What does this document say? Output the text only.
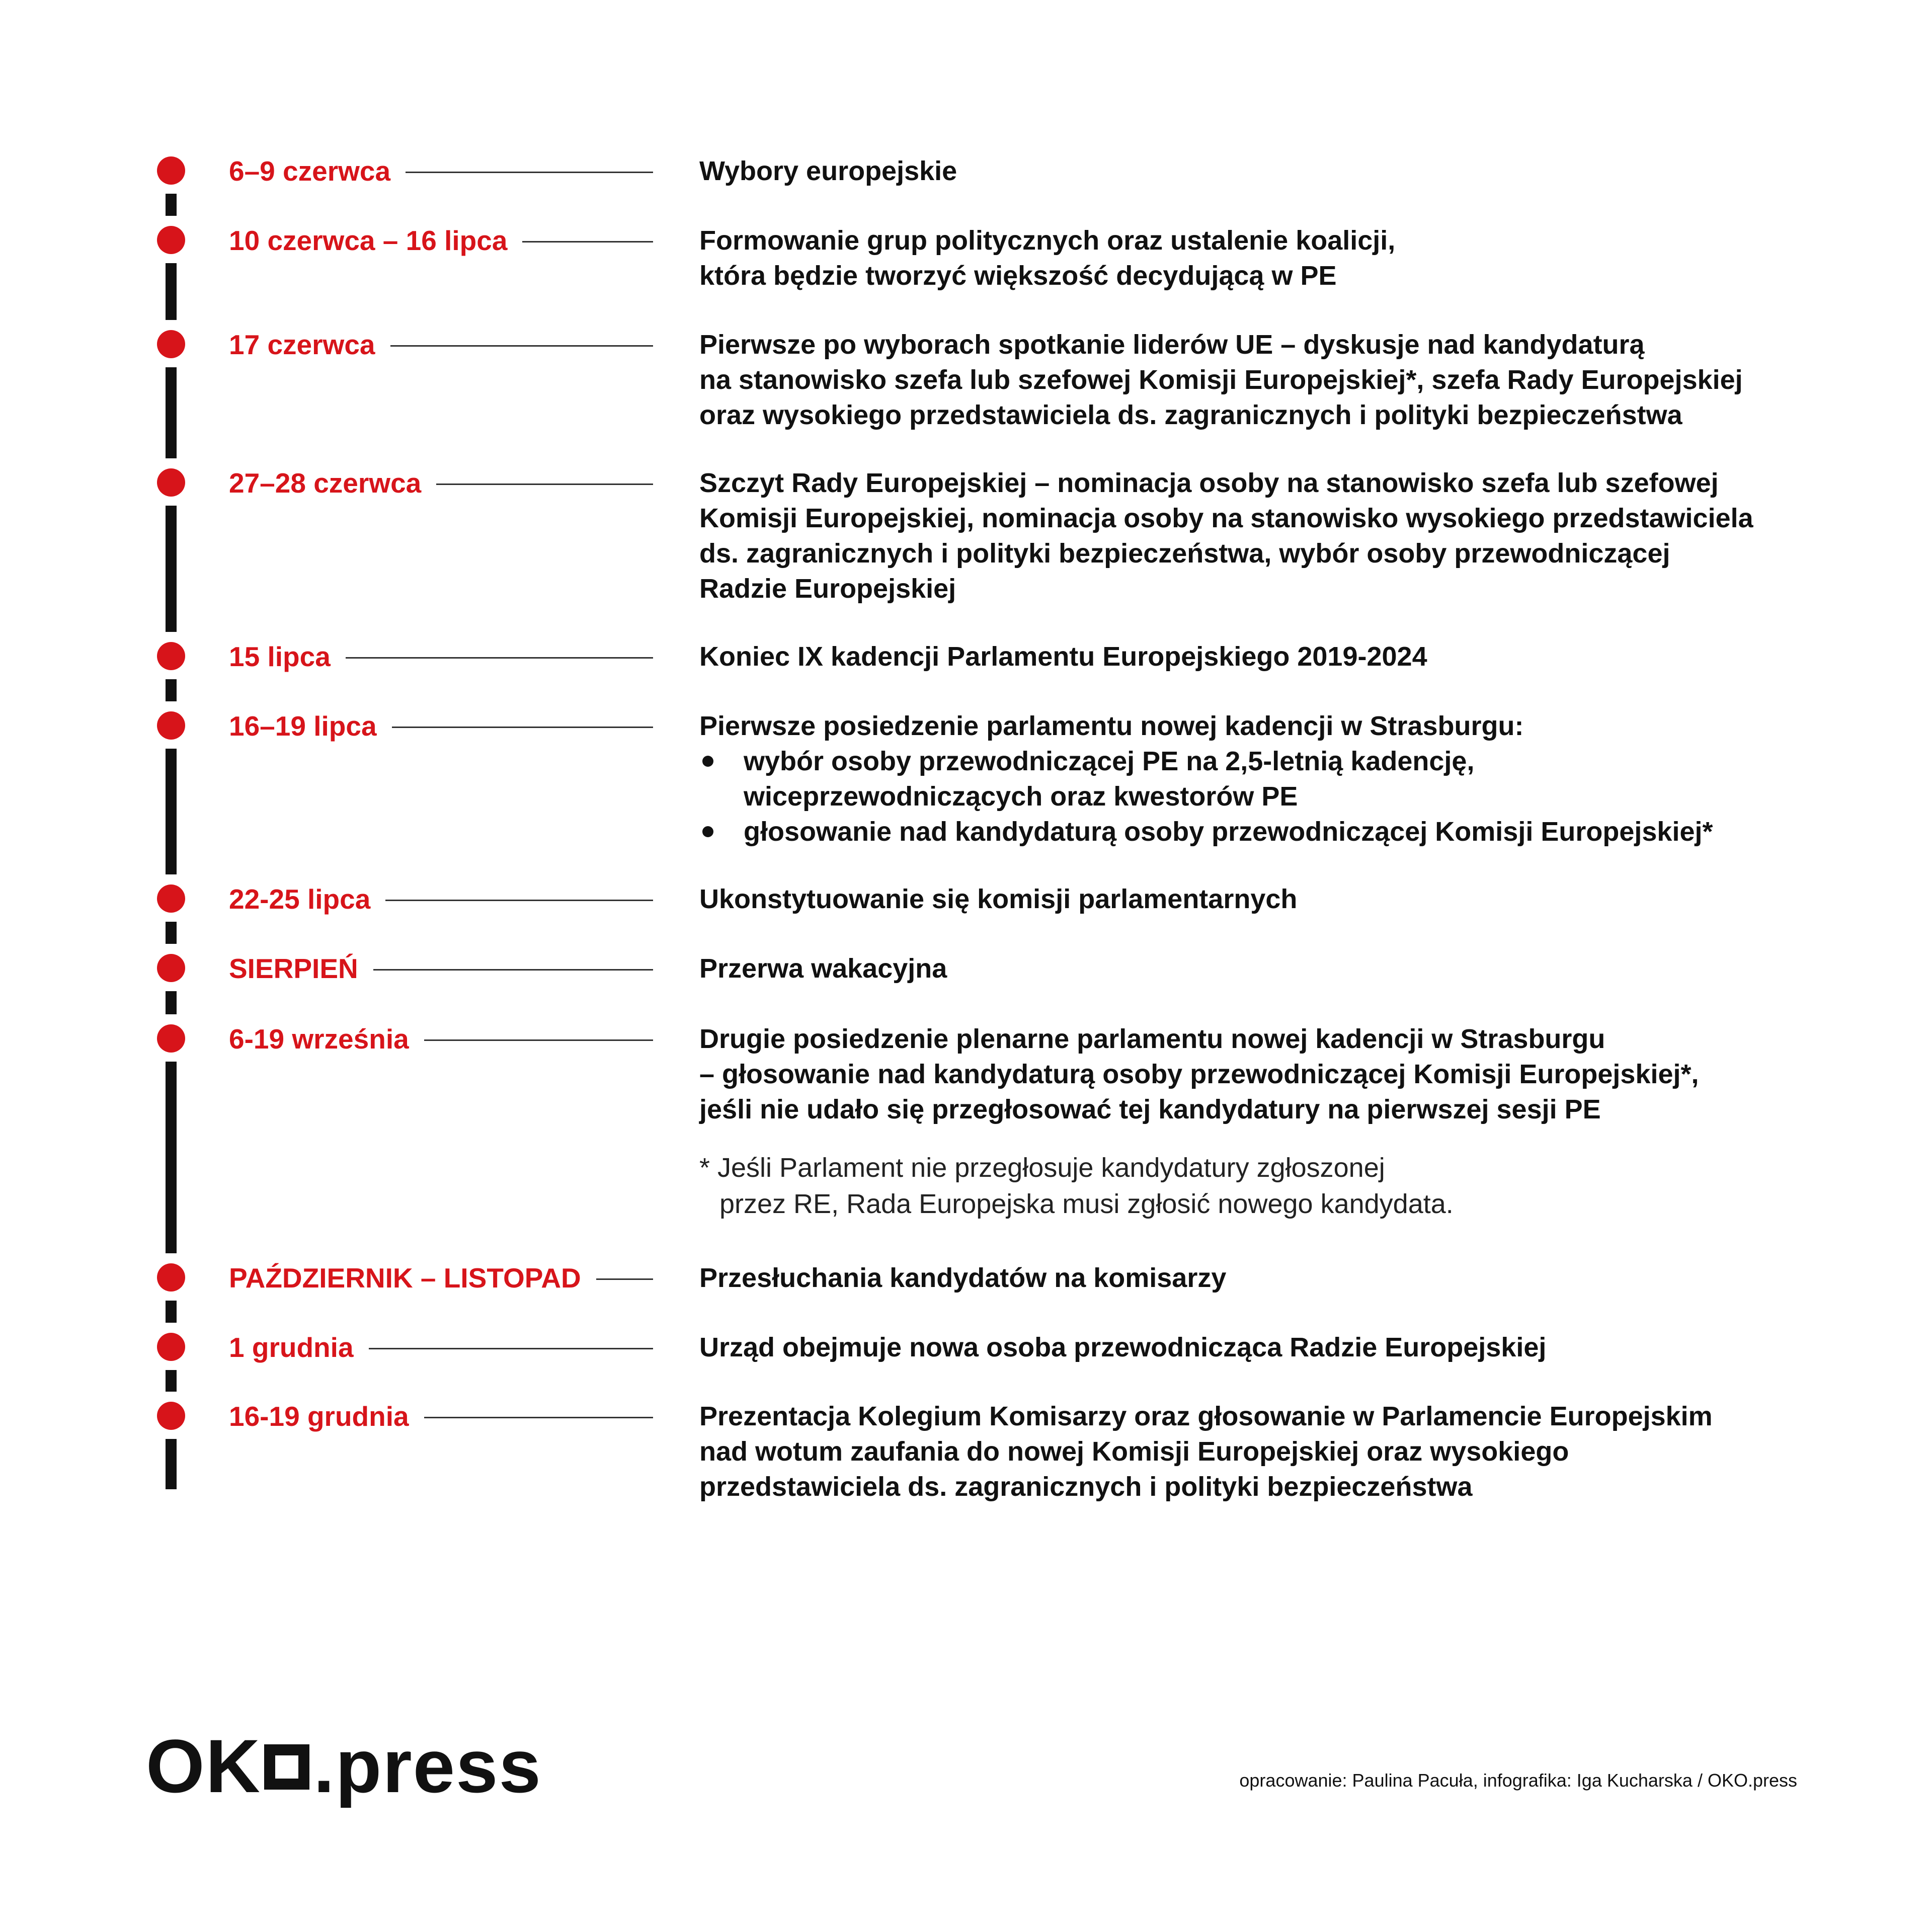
6–9 czerwca	Wybory europejskie
10 czerwca – 16 lipca	Formowanie grup politycznych oraz ustalenie koalicji,
która będzie tworzyć większość decydującą w PE
17 czerwca	Pierwsze po wyborach spotkanie liderów UE – dyskusje nad kandydaturą
na stanowisko szefa lub szefowej Komisji Europejskiej*, szefa Rady Europejskiej
oraz wysokiego przedstawiciela ds. zagranicznych i polityki bezpieczeństwa
27–28 czerwca	Szczyt Rady Europejskiej – nominacja osoby na stanowisko szefa lub szefowej
Komisji Europejskiej, nominacja osoby na stanowisko wysokiego przedstawiciela
ds. zagranicznych i polityki bezpieczeństwa, wybór osoby przewodniczącej
Radzie Europejskiej
15 lipca	Koniec IX kadencji Parlamentu Europejskiego 2019-2024
16–19 lipca	Pierwsze posiedzenie parlamentu nowej kadencji w Strasburgu:
wybór osoby przewodniczącej PE na 2,5-letnią kadencję,
wiceprzewodniczących oraz kwestorów PE
głosowanie nad kandydaturą osoby przewodniczącej Komisji Europejskiej*
22-25 lipca	Ukonstytuowanie się komisji parlamentarnych
SIERPIEŃ	Przerwa wakacyjna
6-19 września	Drugie posiedzenie plenarne parlamentu nowej kadencji w Strasburgu
– głosowanie nad kandydaturą osoby przewodniczącej Komisji Europejskiej*,
jeśli nie udało się przegłosować tej kandydatury na pierwszej sesji PE
PAŹDZIERNIK – LISTOPAD	Przesłuchania kandydatów na komisarzy
1 grudnia	Urząd obejmuje nowa osoba przewodnicząca Radzie Europejskiej
16-19 grudnia	Prezentacja Kolegium Komisarzy oraz głosowanie w Parlamencie Europejskim
nad wotum zaufania do nowej Komisji Europejskiej oraz wysokiego
przedstawiciela ds. zagranicznych i polityki bezpieczeństwa
* Jeśli Parlament nie przegłosuje kandydatury zgłoszonej
przez RE, Rada Europejska musi zgłosić nowego kandydata.
OK .press	opracowanie: Paulina Pacuła, infografika: Iga Kucharska / OKO.press
